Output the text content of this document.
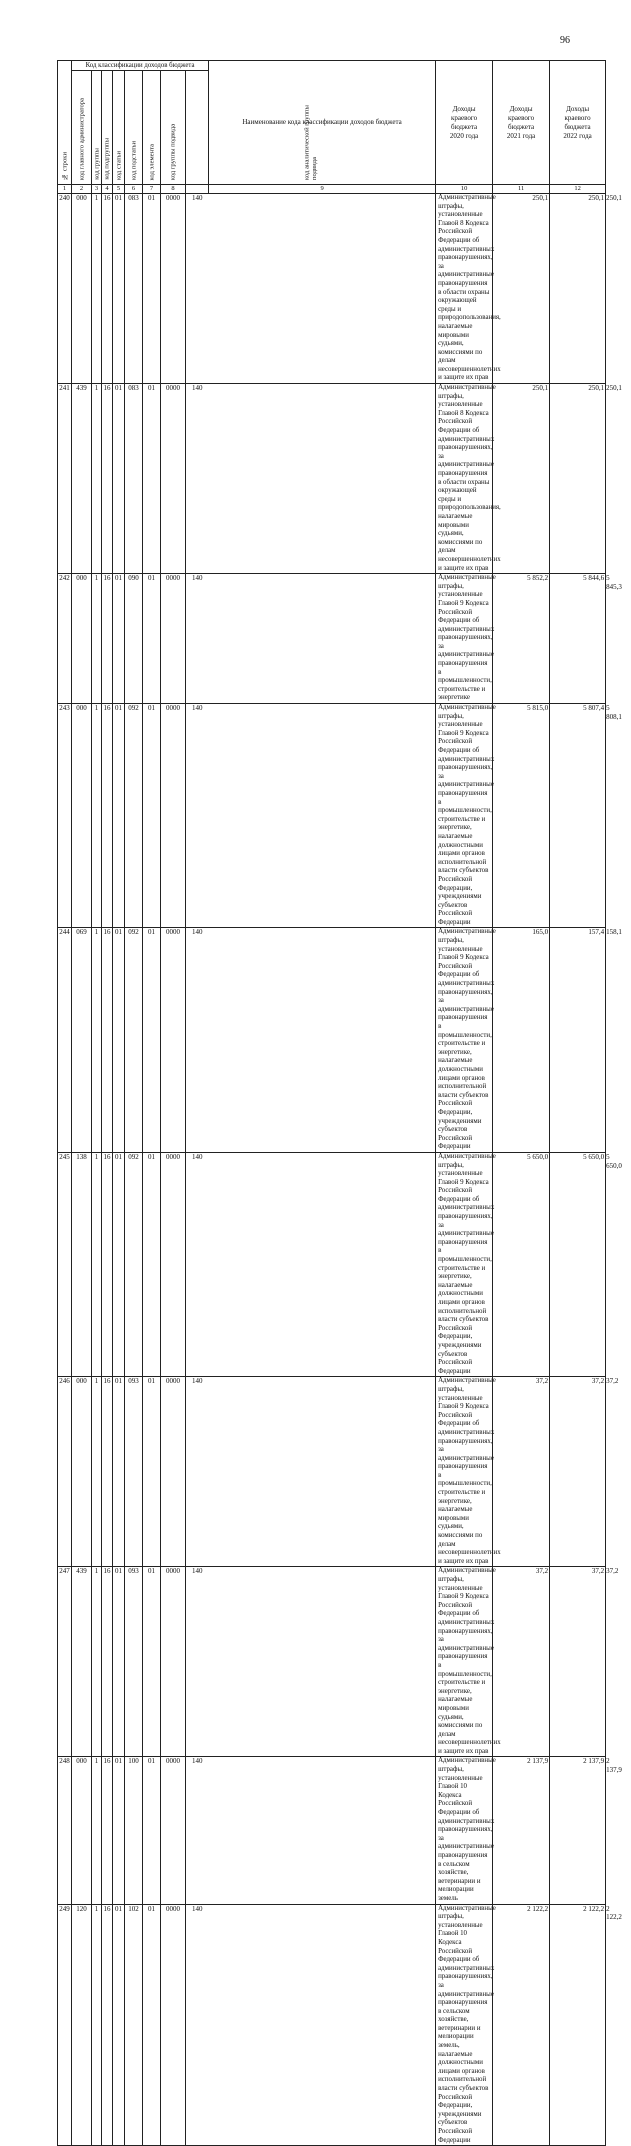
96
№ строки	Код классификации доходов бюджета								Наименование кода классификации доходов бюджета	Доходы
краевого
бюджета
2020 года	Доходы
краевого
бюджета
2021 года	Доходы
краевого
бюджета
2022 года	

	код главного администратора	код группы	код подгруппы	код статьи	код подстатьи	код элемента	код группы подвида	код аналитической группы
подвида					

1	2	3	4	5	6	7	8		9	10	11	12	
240	000	1	16	01	083	01	0000	140		Административные штрафы, установленные Главой 8 Кодекса Российской Федерации об административных правонарушениях, за административные правонарушения в области охраны окружающей среды и природопользования, налагаемые мировыми судьями, комиссиями по делам несовершеннолетних и защите их прав	250,1	250,1	250,1
241	439	1	16	01	083	01	0000	140		Административные штрафы, установленные Главой 8 Кодекса Российской Федерации об административных правонарушениях, за административные правонарушения в области охраны окружающей среды и природопользования, налагаемые мировыми судьями, комиссиями по делам несовершеннолетних и защите их прав	250,1	250,1	250,1
242	000	1	16	01	090	01	0000	140		Административные штрафы, установленные Главой 9 Кодекса Российской Федерации об административных правонарушениях, за административные правонарушения в промышленности, строительстве и энергетике	5 852,2	5 844,6	5 845,3
243	000	1	16	01	092	01	0000	140		Административные штрафы, установленные Главой 9 Кодекса Российской Федерации об административных правонарушениях, за административные правонарушения в промышленности, строительстве и энергетике, налагаемые должностными лицами органов исполнительной власти субъектов Российской Федерации, учреждениями субъектов Российской Федерации	5 815,0	5 807,4	5 808,1
244	069	1	16	01	092	01	0000	140		Административные штрафы, установленные Главой 9 Кодекса Российской Федерации об административных правонарушениях, за административные правонарушения в промышленности, строительстве и энергетике, налагаемые должностными лицами органов исполнительной власти субъектов Российской Федерации, учреждениями субъектов Российской Федерации	165,0	157,4	158,1
245	138	1	16	01	092	01	0000	140		Административные штрафы, установленные Главой 9 Кодекса Российской Федерации об административных правонарушениях, за административные правонарушения в промышленности, строительстве и энергетике, налагаемые должностными лицами органов исполнительной власти субъектов Российской Федерации, учреждениями субъектов Российской Федерации	5 650,0	5 650,0	5 650,0
246	000	1	16	01	093	01	0000	140		Административные штрафы, установленные Главой 9 Кодекса Российской Федерации об административных правонарушениях, за административные правонарушения в промышленности, строительстве и энергетике, налагаемые мировыми судьями, комиссиями по делам несовершеннолетних и защите их прав	37,2	37,2	37,2
247	439	1	16	01	093	01	0000	140		Административные штрафы, установленные Главой 9 Кодекса Российской Федерации об административных правонарушениях, за административные правонарушения в промышленности, строительстве и энергетике, налагаемые мировыми судьями, комиссиями по делам несовершеннолетних и защите их прав	37,2	37,2	37,2
248	000	1	16	01	100	01	0000	140		Административные штрафы, установленные Главой 10 Кодекса Российской Федерации об административных правонарушениях, за административные правонарушения в сельском хозяйстве, ветеринарии и мелиорации земель	2 137,9	2 137,9	2 137,9
249	120	1	16	01	102	01	0000	140		Административные штрафы, установленные Главой 10 Кодекса Российской Федерации об административных правонарушениях, за административные правонарушения в сельском хозяйстве, ветеринарии и мелиорации земель, налагаемые должностными лицами органов исполнительной власти субъектов Российской Федерации, учреждениями субъектов Российской Федерации	2 122,2	2 122,2	2 122,2
